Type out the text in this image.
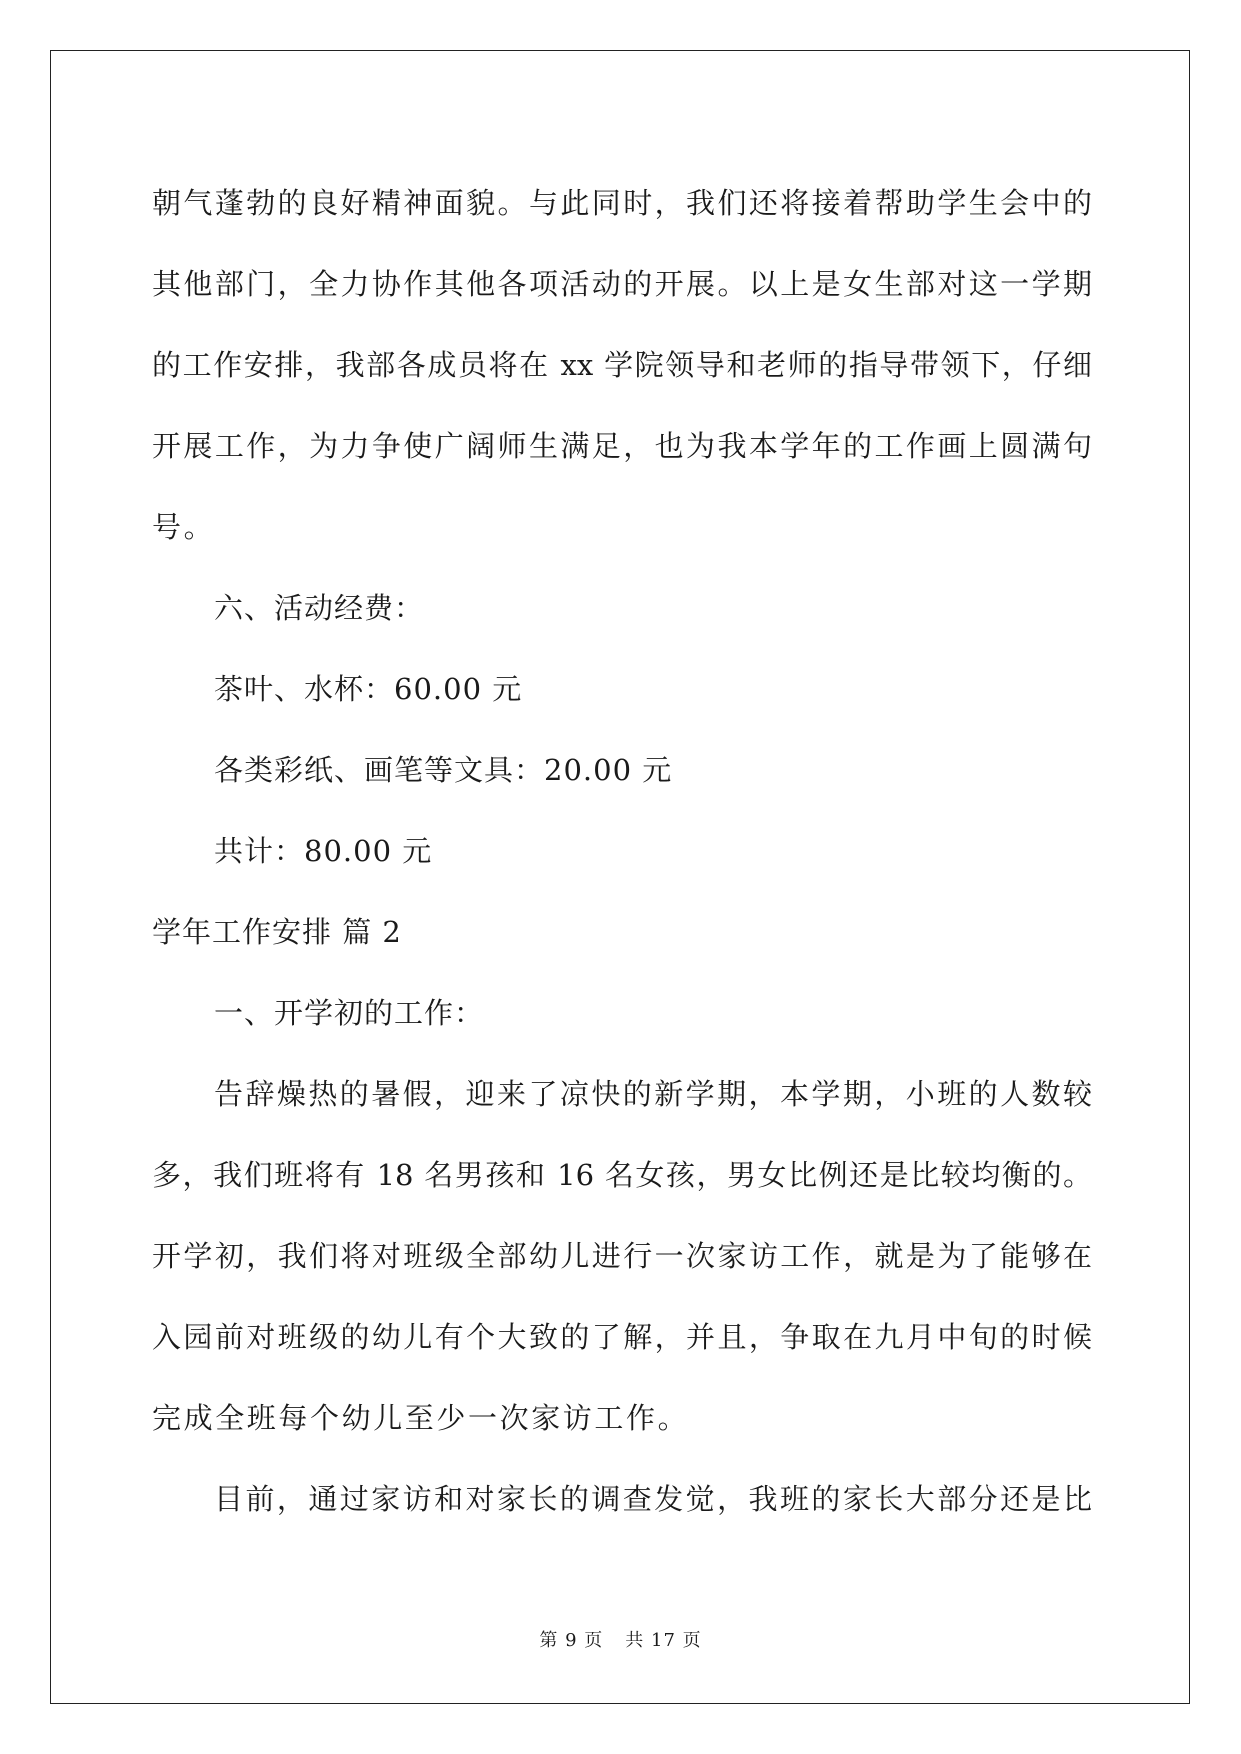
朝气蓬勃的良好精神面貌。与此同时，我们还将接着帮助学生会中的
其他部门，全力协作其他各项活动的开展。以上是女生部对这一学期
的工作安排，我部各成员将在 xx 学院领导和老师的指导带领下，仔细
开展工作，为力争使广阔师生满足，也为我本学年的工作画上圆满句
号。
六、活动经费：
茶叶、水杯：60.00 元
各类彩纸、画笔等文具：20.00 元
共计：80.00 元
学年工作安排 篇 2
一、开学初的工作：
告辞燥热的暑假，迎来了凉快的新学期，本学期，小班的人数较
多，我们班将有 18 名男孩和 16 名女孩，男女比例还是比较均衡的。
开学初，我们将对班级全部幼儿进行一次家访工作，就是为了能够在
入园前对班级的幼儿有个大致的了解，并且，争取在九月中旬的时候
完成全班每个幼儿至少一次家访工作。
目前，通过家访和对家长的调查发觉，我班的家长大部分还是比
第 9 页 共 17 页
